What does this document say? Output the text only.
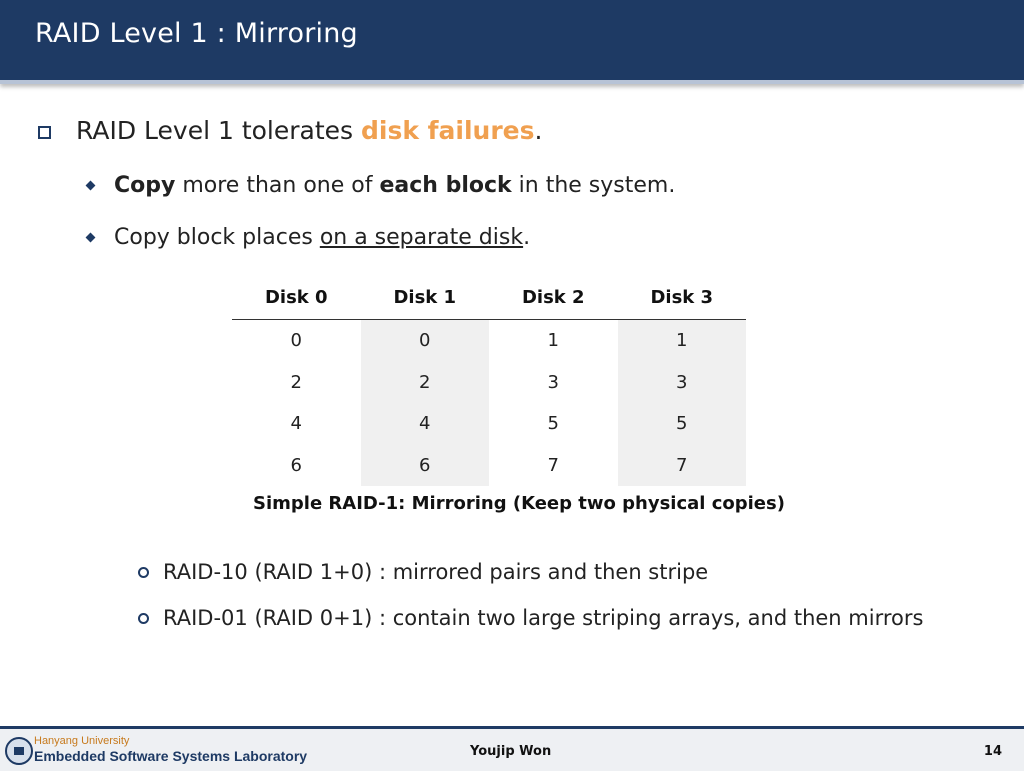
RAID Level 1 : Mirroring
RAID Level 1 tolerates disk failures.
Copy more than one of each block in the system.
Copy block places on a separate disk.
Disk 0	Disk 1	Disk 2	Disk 3
0	0	1	1
2	2	3	3
4	4	5	5
6	6	7	7
Simple RAID-1: Mirroring (Keep two physical copies)
RAID-10 (RAID 1+0) : mirrored pairs and then stripe
RAID-01 (RAID 0+1) : contain two large striping arrays, and then mirrors
Hanyang University
Embedded Software Systems Laboratory	Youjip Won	14
